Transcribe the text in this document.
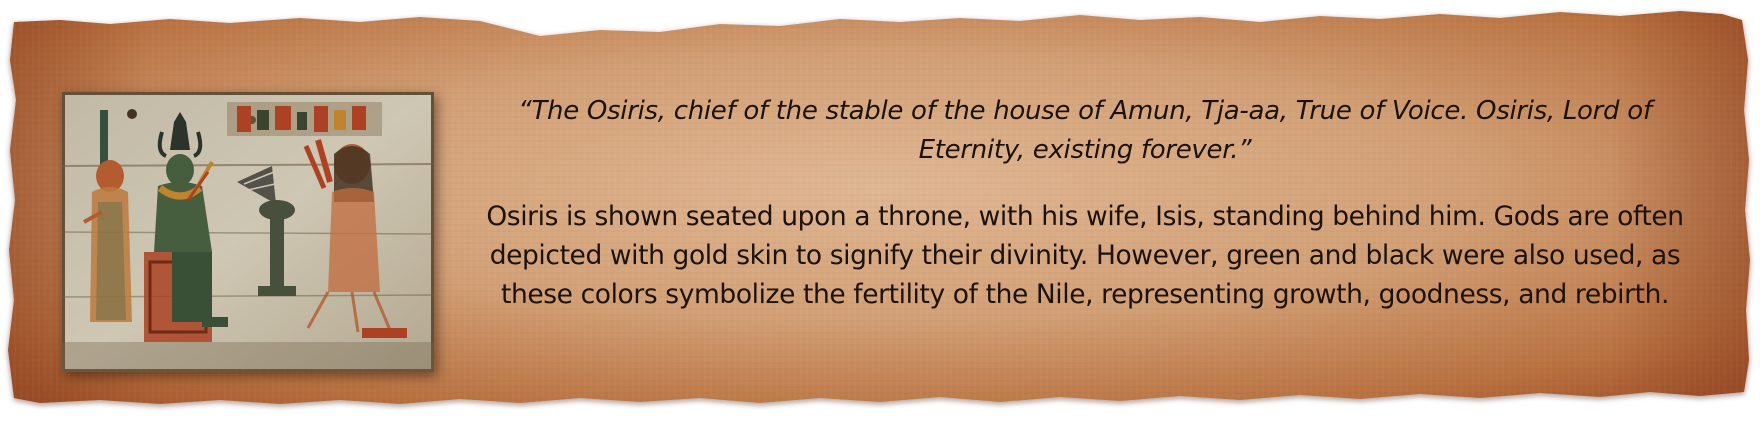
“The Osiris, chief of the stable of the house of Amun, Tja-aa, True of Voice. Osiris, Lord of Eternity, existing forever.”

Osiris is shown seated upon a throne, with his wife, Isis, standing behind him. Gods are often depicted with gold skin to signify their divinity. However, green and black were also used, as these colors symbolize the fertility of the Nile, representing growth, goodness, and rebirth.
